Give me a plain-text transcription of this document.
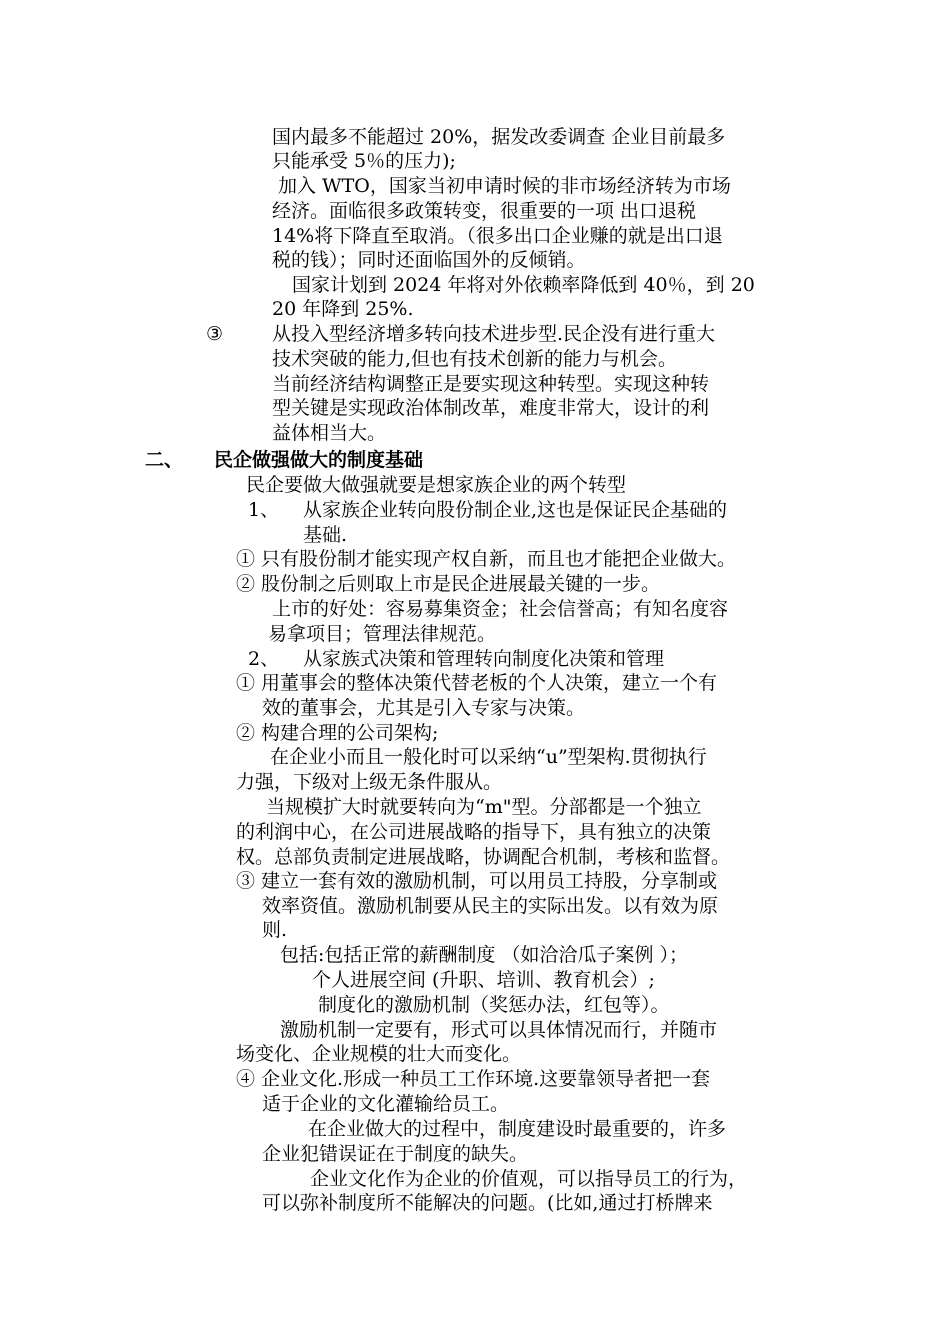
国内最多不能超过 20%，据发改委调查 企业目前最多
只能承受 5％的压力);
加入 WTO，国家当初申请时候的非市场经济转为市场
经济。面临很多政策转变，很重要的一项 出口退税
14%将下降直至取消。（很多出口企业赚的就是出口退
税的钱）；同时还面临国外的反倾销。
国家计划到 2024 年将对外依赖率降低到 40％，到 20
20 年降到 25%.
③	从投入型经济增多转向技术进步型.民企没有进行重大
技术突破的能力,但也有技术创新的能力与机会。
当前经济结构调整正是要实现这种转型。实现这种转
型关键是实现政治体制改革，难度非常大，设计的利
益体相当大。
二、 民企做强做大的制度基础
民企要做大做强就要是想家族企业的两个转型
1、 从家族企业转向股份制企业,这也是保证民企基础的
基础.
① 只有股份制才能实现产权自新，而且也才能把企业做大。
② 股份制之后则取上市是民企进展最关键的一步。
上市的好处：容易募集资金；社会信誉高；有知名度容
易拿项目；管理法律规范。
2、 从家族式决策和管理转向制度化决策和管理
① 用董事会的整体决策代替老板的个人决策，建立一个有
效的董事会，尤其是引入专家与决策。
② 构建合理的公司架构;
在企业小而且一般化时可以采纳“u”型架构.贯彻执行
力强，下级对上级无条件服从。
当规模扩大时就要转向为“m"型。分部都是一个独立
的利润中心，在公司进展战略的指导下，具有独立的决策
权。总部负责制定进展战略，协调配合机制，考核和监督。
③ 建立一套有效的激励机制，可以用员工持股，分享制或
效率资值。激励机制要从民主的实际出发。以有效为原
则.
包括:包括正常的薪酬制度 （如洽洽瓜子案例 ）；
个人进展空间 (升职、培训、教育机会）;
制度化的激励机制（奖惩办法，红包等）。
激励机制一定要有，形式可以具体情况而行，并随市
场变化、企业规模的壮大而变化。
④ 企业文化.形成一种员工工作环境.这要靠领导者把一套
适于企业的文化灌输给员工。
在企业做大的过程中，制度建设时最重要的，许多
企业犯错误证在于制度的缺失。
企业文化作为企业的价值观，可以指导员工的行为，
可以弥补制度所不能解决的问题。(比如,通过打桥牌来
